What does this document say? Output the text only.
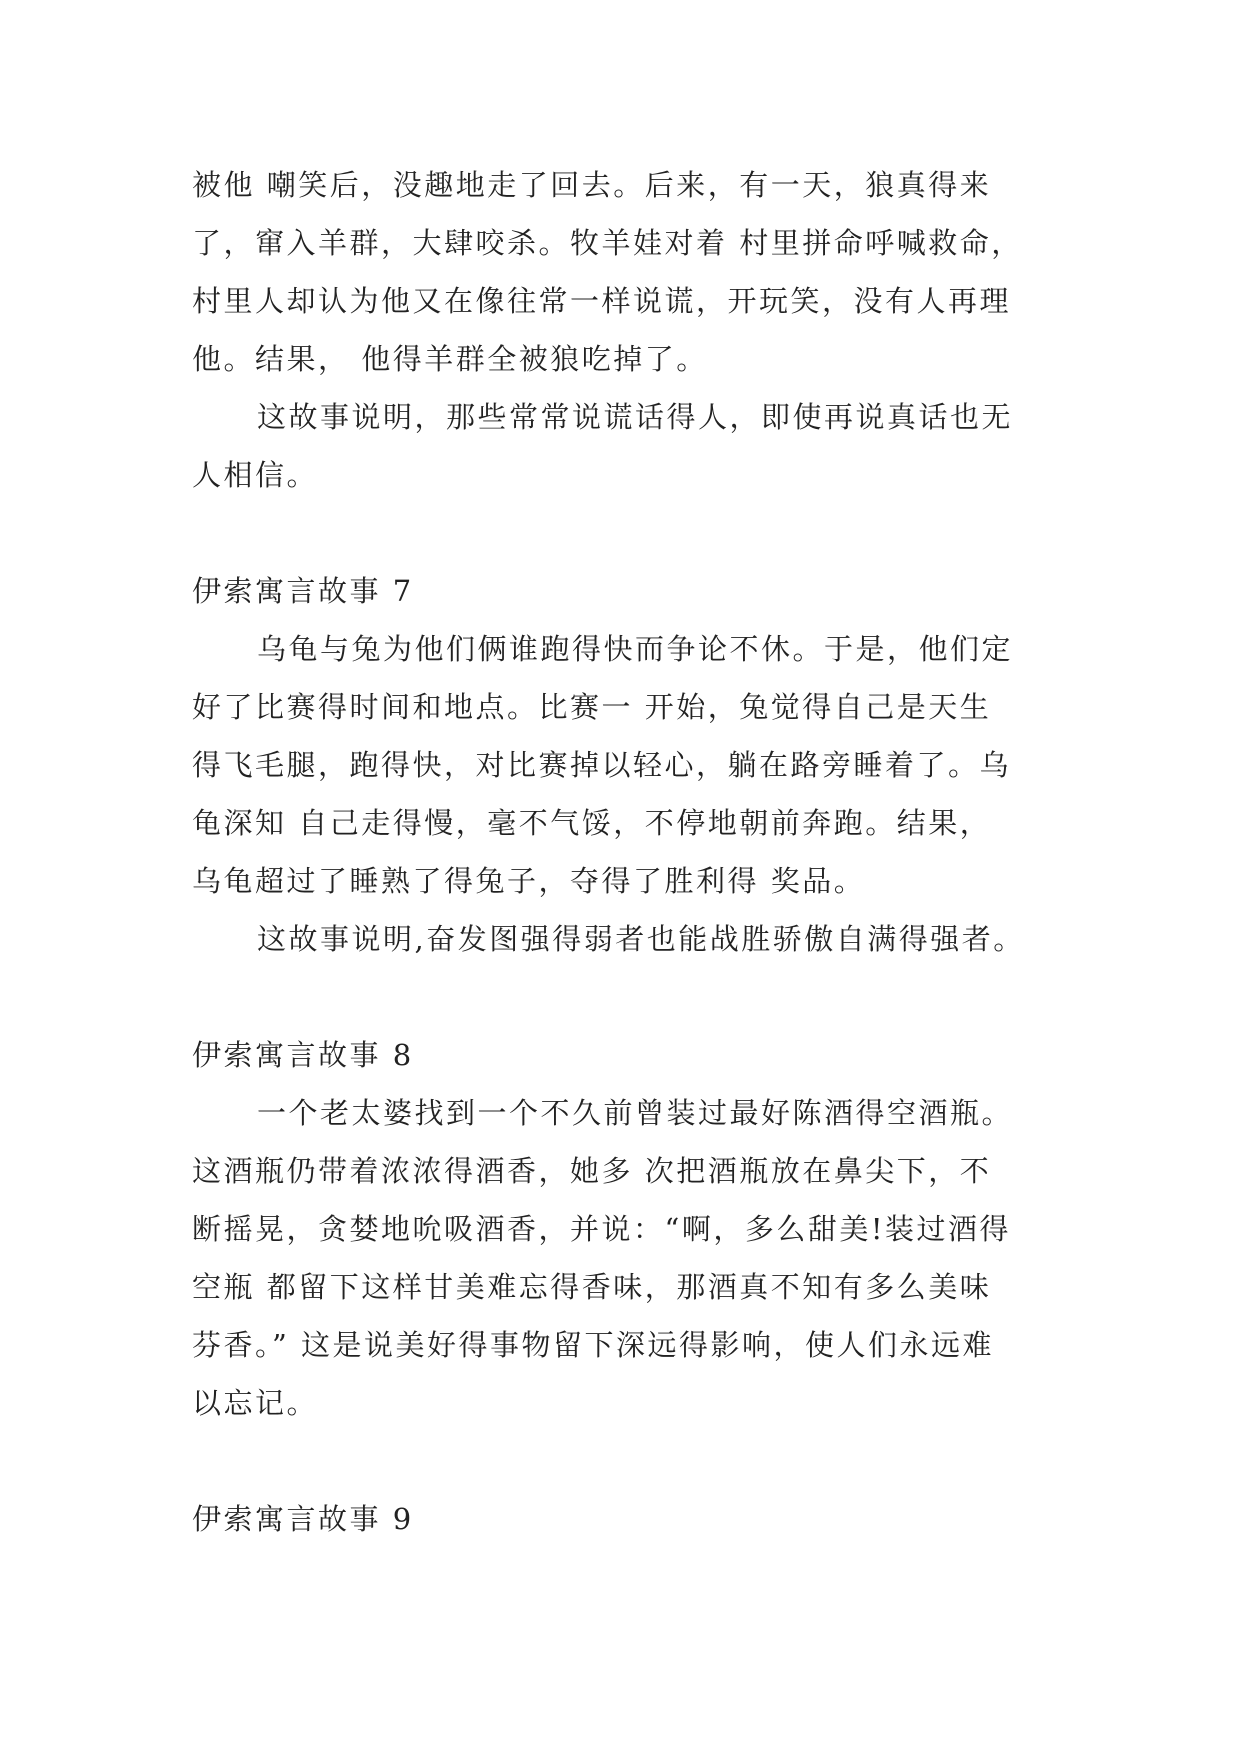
被他 嘲笑后，没趣地走了回去。后来，有一天，狼真得来
了，窜入羊群，大肆咬杀。牧羊娃对着 村里拼命呼喊救命，
村里人却认为他又在像往常一样说谎，开玩笑，没有人再理
他。结果， 他得羊群全被狼吃掉了。
这故事说明，那些常常说谎话得人，即使再说真话也无
人相信。
伊索寓言故事 7
乌龟与兔为他们俩谁跑得快而争论不休。于是，他们定
好了比赛得时间和地点。比赛一 开始，兔觉得自己是天生
得飞毛腿，跑得快，对比赛掉以轻心，躺在路旁睡着了。乌
龟深知 自己走得慢，毫不气馁，不停地朝前奔跑。结果，
乌龟超过了睡熟了得兔子，夺得了胜利得 奖品。
这故事说明,奋发图强得弱者也能战胜骄傲自满得强者。
伊索寓言故事 8
一个老太婆找到一个不久前曾装过最好陈酒得空酒瓶。
这酒瓶仍带着浓浓得酒香，她多 次把酒瓶放在鼻尖下，不
断摇晃，贪婪地吮吸酒香，并说：“啊，多么甜美!装过酒得
空瓶 都留下这样甘美难忘得香味，那酒真不知有多么美味
芬香。” 这是说美好得事物留下深远得影响，使人们永远难
以忘记。
伊索寓言故事 9
